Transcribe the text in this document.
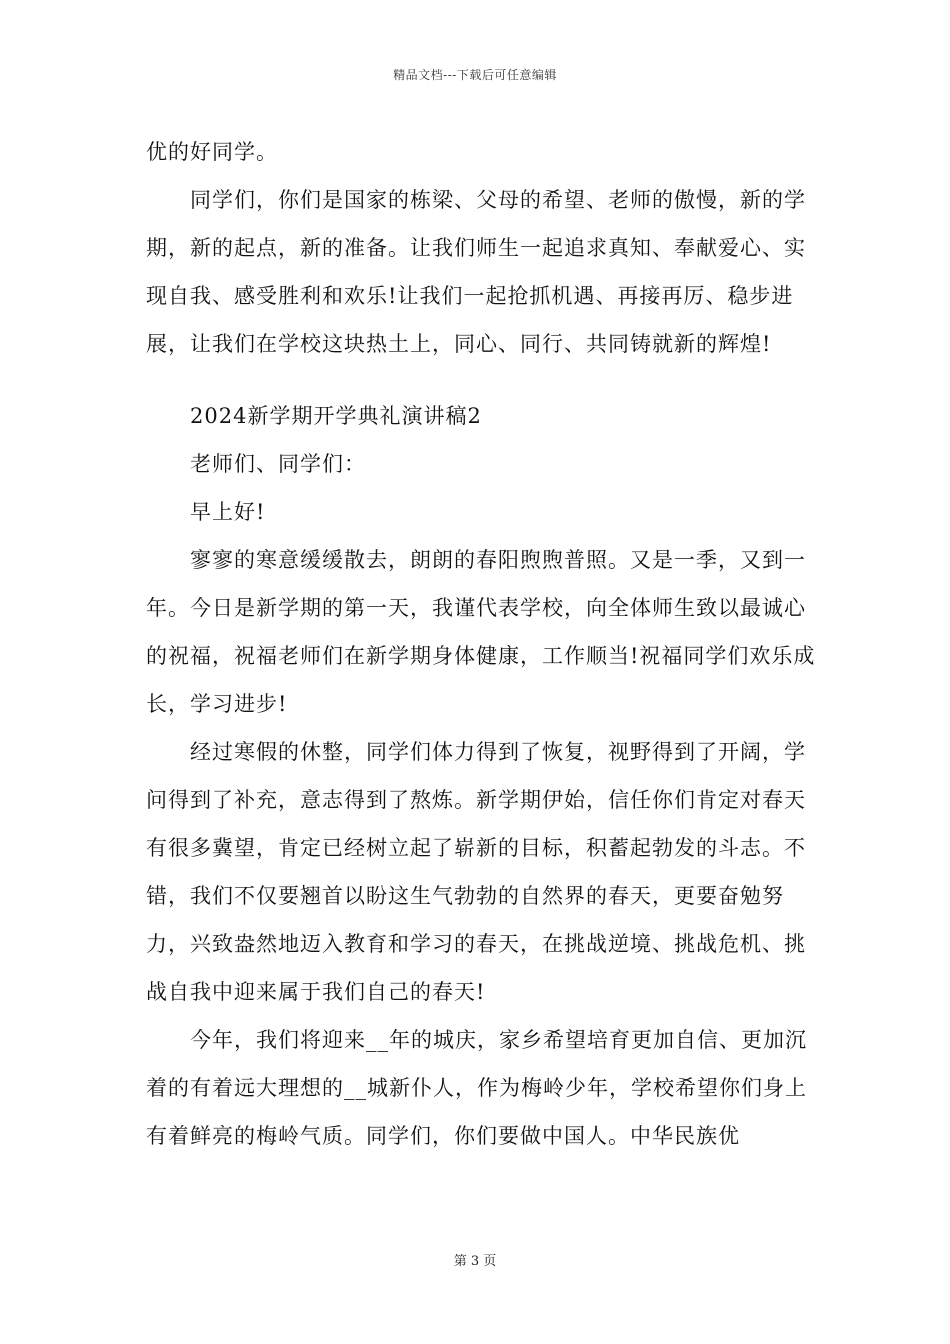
精品文档---下载后可任意编辑

优的好同学。

同学们，你们是国家的栋梁、父母的希望、老师的傲慢，新的学期，新的起点，新的准备。让我们师生一起追求真知、奉献爱心、实现自我、感受胜利和欢乐!让我们一起抢抓机遇、再接再厉、稳步进展，让我们在学校这块热土上，同心、同行、共同铸就新的辉煌!

2024新学期开学典礼演讲稿2

老师们、同学们：

早上好!

寥寥的寒意缓缓散去，朗朗的春阳煦煦普照。又是一季，又到一年。今日是新学期的第一天，我谨代表学校，向全体师生致以最诚心的祝福，祝福老师们在新学期身体健康，工作顺当!祝福同学们欢乐成长，学习进步!

经过寒假的休整，同学们体力得到了恢复，视野得到了开阔，学问得到了补充，意志得到了熬炼。新学期伊始，信任你们肯定对春天有很多冀望，肯定已经树立起了崭新的目标，积蓄起勃发的斗志。不错，我们不仅要翘首以盼这生气勃勃的自然界的春天，更要奋勉努力，兴致盎然地迈入教育和学习的春天，在挑战逆境、挑战危机、挑战自我中迎来属于我们自己的春天!

今年，我们将迎来__年的城庆，家乡希望培育更加自信、更加沉着的有着远大理想的__城新仆人，作为梅岭少年，学校希望你们身上有着鲜亮的梅岭气质。同学们，你们要做中国人。中华民族优

第 3 页
